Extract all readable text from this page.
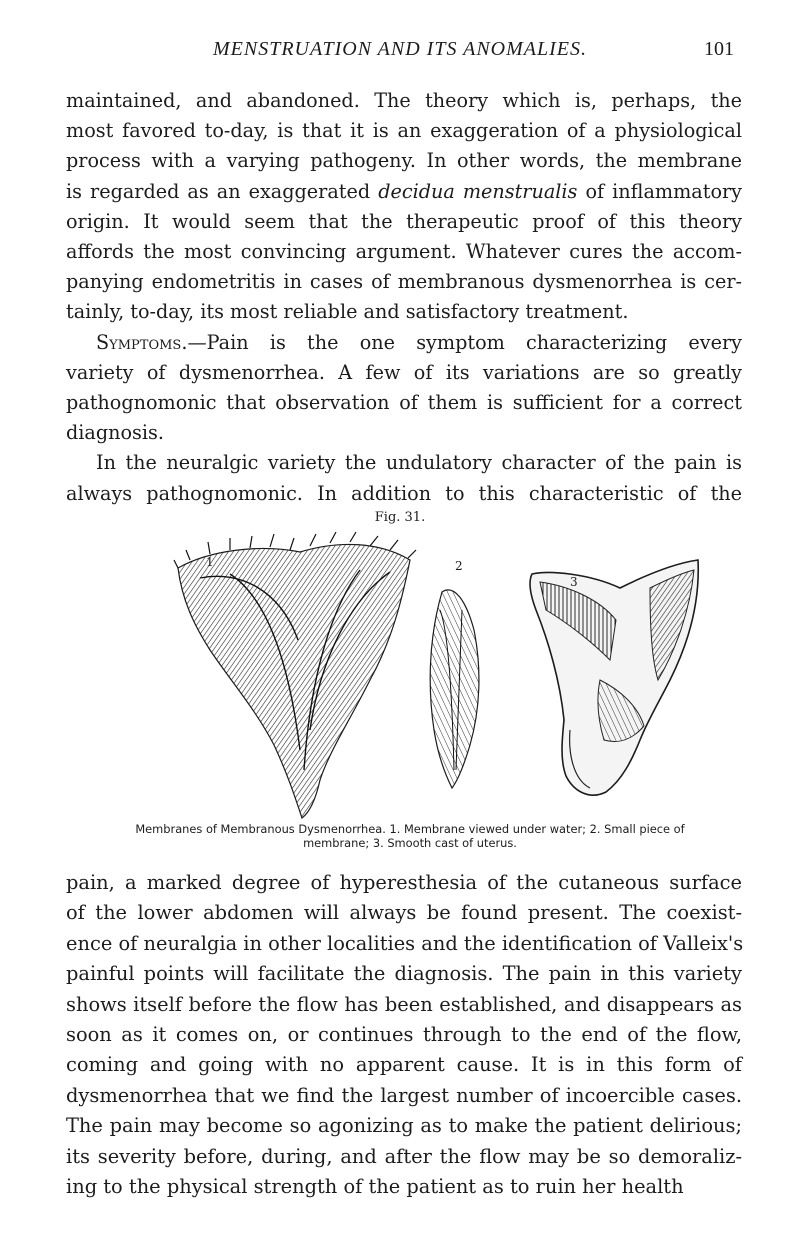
MENSTRUATION AND ITS ANOMALIES.	101
maintained, and abandoned. The theory which is, perhaps, the
most favored to-day, is that it is an exaggeration of a physiological
process with a varying pathogeny. In other words, the membrane
is regarded as an exaggerated decidua menstrualis of inflammatory
origin. It would seem that the therapeutic proof of this theory
affords the most convincing argument. Whatever cures the accom-
panying endometritis in cases of membranous dysmenorrhea is cer-
tainly, to-day, its most reliable and satisfactory treatment.
Symptoms.—Pain is the one symptom characterizing every
variety of dysmenorrhea. A few of its variations are so greatly
pathognomonic that observation of them is sufficient for a correct
diagnosis.
In the neuralgic variety the undulatory character of the pain is
always pathognomonic. In addition to this characteristic of the
Fig. 31.
1	2
3
Membranes of Membranous Dysmenorrhea. 1. Membrane viewed under water; 2. Small piece of
membrane; 3. Smooth cast of uterus.
pain, a marked degree of hyperesthesia of the cutaneous surface
of the lower abdomen will always be found present. The coexist-
ence of neuralgia in other localities and the identification of Valleix's
painful points will facilitate the diagnosis. The pain in this variety
shows itself before the flow has been established, and disappears as
soon as it comes on, or continues through to the end of the flow,
coming and going with no apparent cause. It is in this form of
dysmenorrhea that we find the largest number of incoercible cases.
The pain may become so agonizing as to make the patient delirious;
its severity before, during, and after the flow may be so demoraliz-
ing to the physical strength of the patient as to ruin her health
